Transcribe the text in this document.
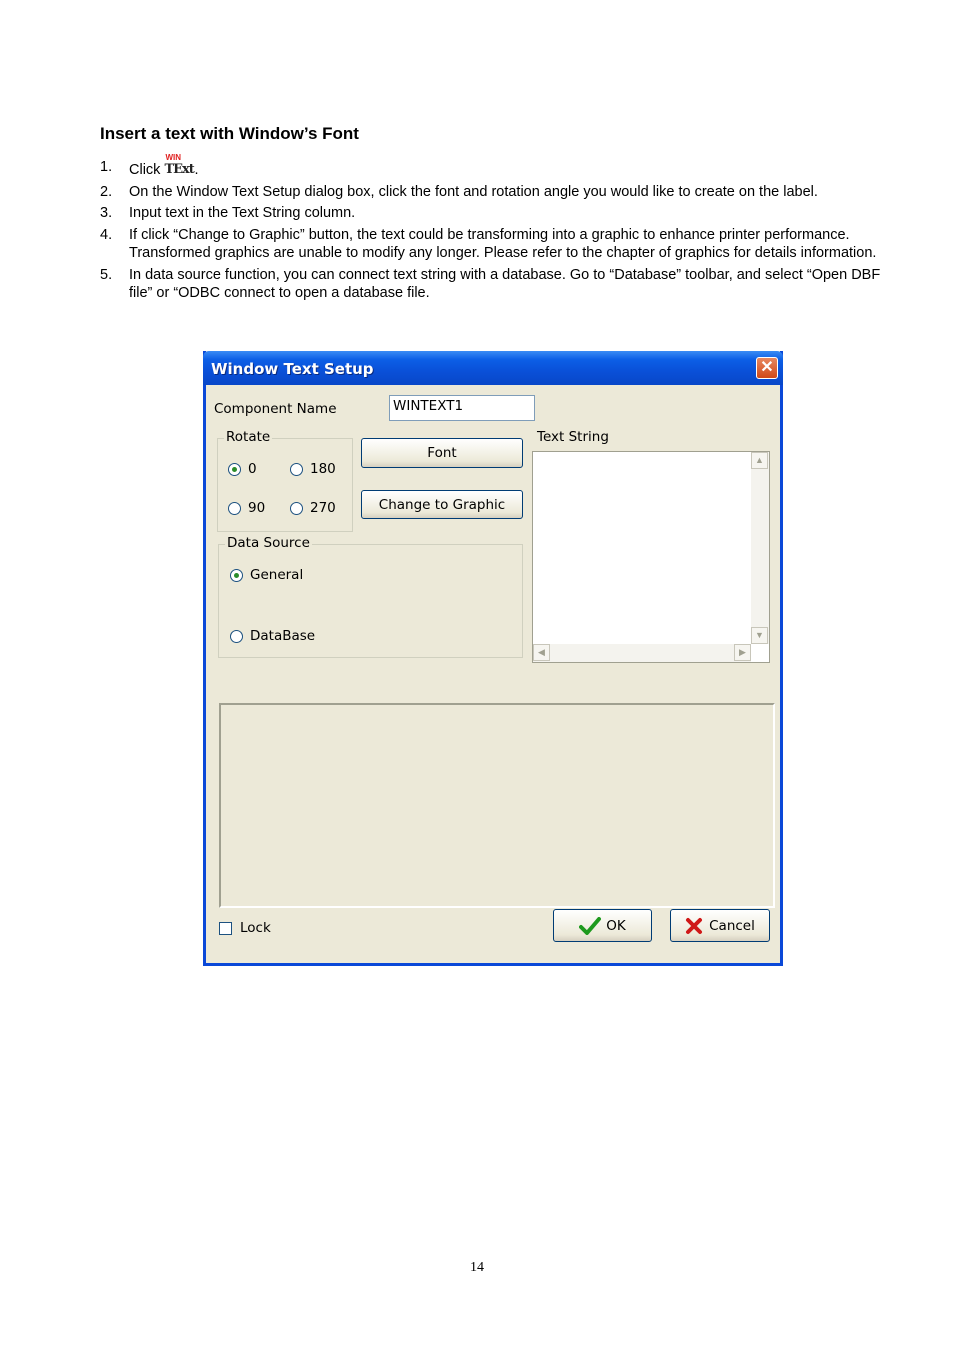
Insert a text with Window’s Font
1. Click
WIN
TExt .
2. On the Window Text Setup dialog box, click the font and rotation angle you would like to create on the label.
3. Input text in the Text String column.
4. If click “Change to Graphic” button, the text could be transforming into a graphic to enhance printer performance. Transformed graphics are unable to modify any longer. Please refer to the chapter of graphics for details information.
5. In data source function, you can connect text string with a database. Go to “Database” toolbar, and select “Open DBF file” or “ODBC connect to open a database file.
Window Text Setup	✕
Component Name	WINTEXT1
Rotate
0	180
90	270
Font
Change to Graphic
Text String
▲
▼
◀	▶
Data Source
General
DataBase
Lock	OK	Cancel
14
